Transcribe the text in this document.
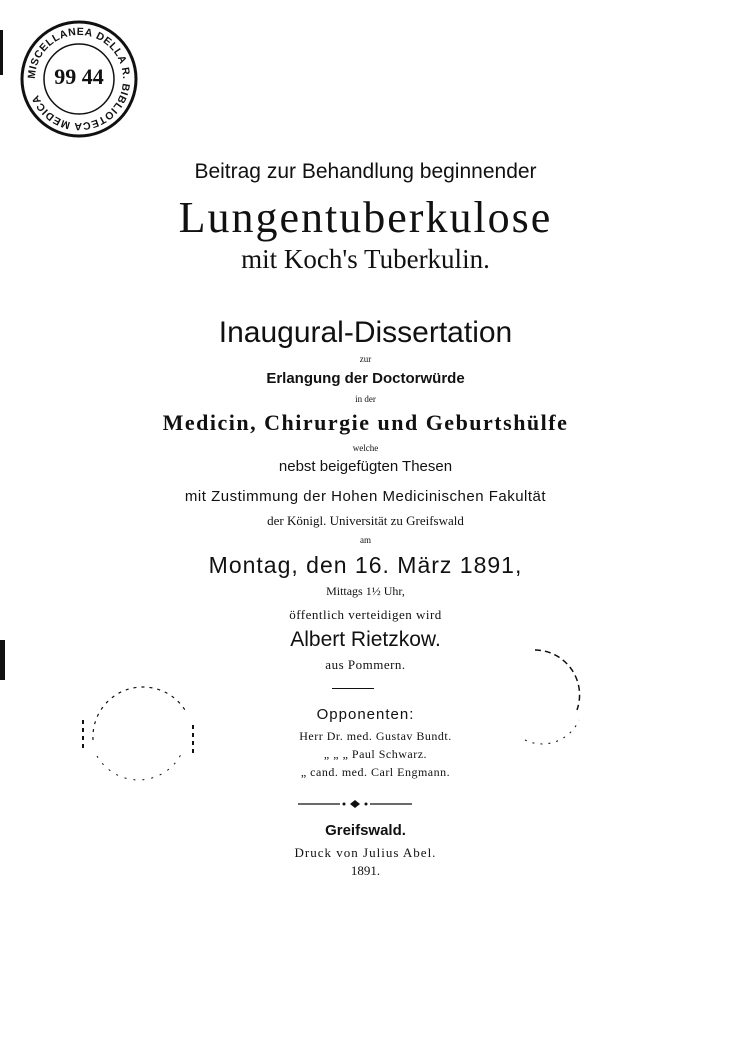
MISCELLANEA DELLA R. BIBLIOTECA MEDICA
99 44
Beitrag zur Behandlung beginnender
Lungentuberkulose
mit Koch's Tuberkulin.
Inaugural-Dissertation
zur
Erlangung der Doctorwürde
in der
Medicin, Chirurgie und Geburtshülfe
welche
nebst beigefügten Thesen
mit Zustimmung der Hohen Medicinischen Fakultät
der Königl. Universität zu Greifswald
am
Montag, den 16. März 1891,
Mittags 1½ Uhr,
öffentlich verteidigen wird
Albert Rietzkow.
aus Pommern.
Opponenten:
Herr Dr. med. Gustav Bundt.
„ „ „ Paul Schwarz.
„ cand. med. Carl Engmann.
Greifswald.
Druck von Julius Abel.
1891.
